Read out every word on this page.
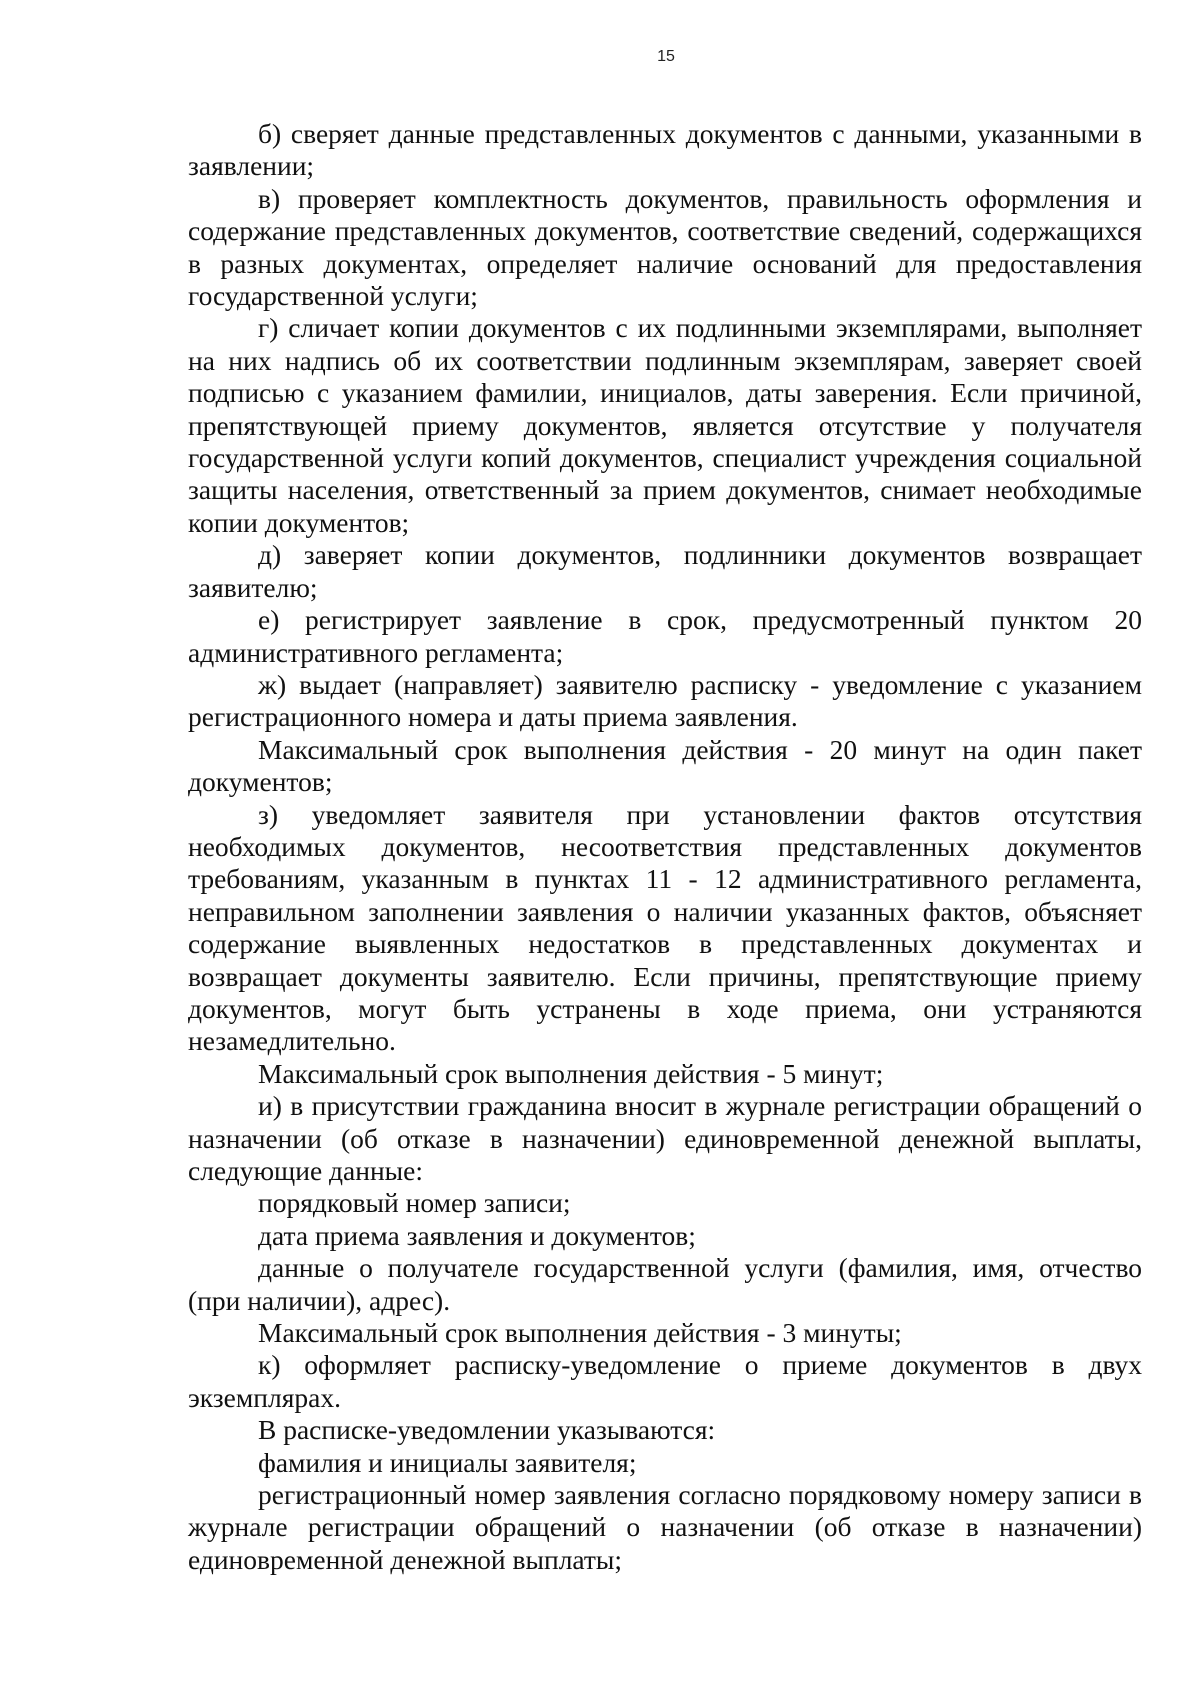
15

б) сверяет данные представленных документов с данными, указанными в заявлении;

в) проверяет комплектность документов, правильность оформления и содержание представленных документов, соответствие сведений, содержащихся в разных документах, определяет наличие оснований для предоставления государственной услуги;

г) сличает копии документов с их подлинными экземплярами, выполняет на них надпись об их соответствии подлинным экземплярам, заверяет своей подписью с указанием фамилии, инициалов, даты заверения. Если причиной, препятствующей приему документов, является отсутствие у получателя государственной услуги копий документов, специалист учреждения социальной защиты населения, ответственный за прием документов, снимает необходимые копии документов;

д) заверяет копии документов, подлинники документов возвращает заявителю;

е) регистрирует заявление в срок, предусмотренный пунктом 20 административного регламента;

ж) выдает (направляет) заявителю расписку - уведомление с указанием регистрационного номера и даты приема заявления.

Максимальный срок выполнения действия - 20 минут на один пакет документов;

з) уведомляет заявителя при установлении фактов отсутствия необходимых документов, несоответствия представленных документов требованиям, указанным в пунктах 11 - 12 административного регламента, неправильном заполнении заявления о наличии указанных фактов, объясняет содержание выявленных недостатков в представленных документах и возвращает документы заявителю. Если причины, препятствующие приему документов, могут быть устранены в ходе приема, они устраняются незамедлительно.

Максимальный срок выполнения действия - 5 минут;

и) в присутствии гражданина вносит в журнале регистрации обращений о назначении (об отказе в назначении) единовременной денежной выплаты, следующие данные:

порядковый номер записи;

дата приема заявления и документов;

данные о получателе государственной услуги (фамилия, имя, отчество (при наличии), адрес).

Максимальный срок выполнения действия - 3 минуты;

к) оформляет расписку-уведомление о приеме документов в двух экземплярах.

В расписке-уведомлении указываются:

фамилия и инициалы заявителя;

регистрационный номер заявления согласно порядковому номеру записи в журнале регистрации обращений о назначении (об отказе в назначении) единовременной денежной выплаты;
